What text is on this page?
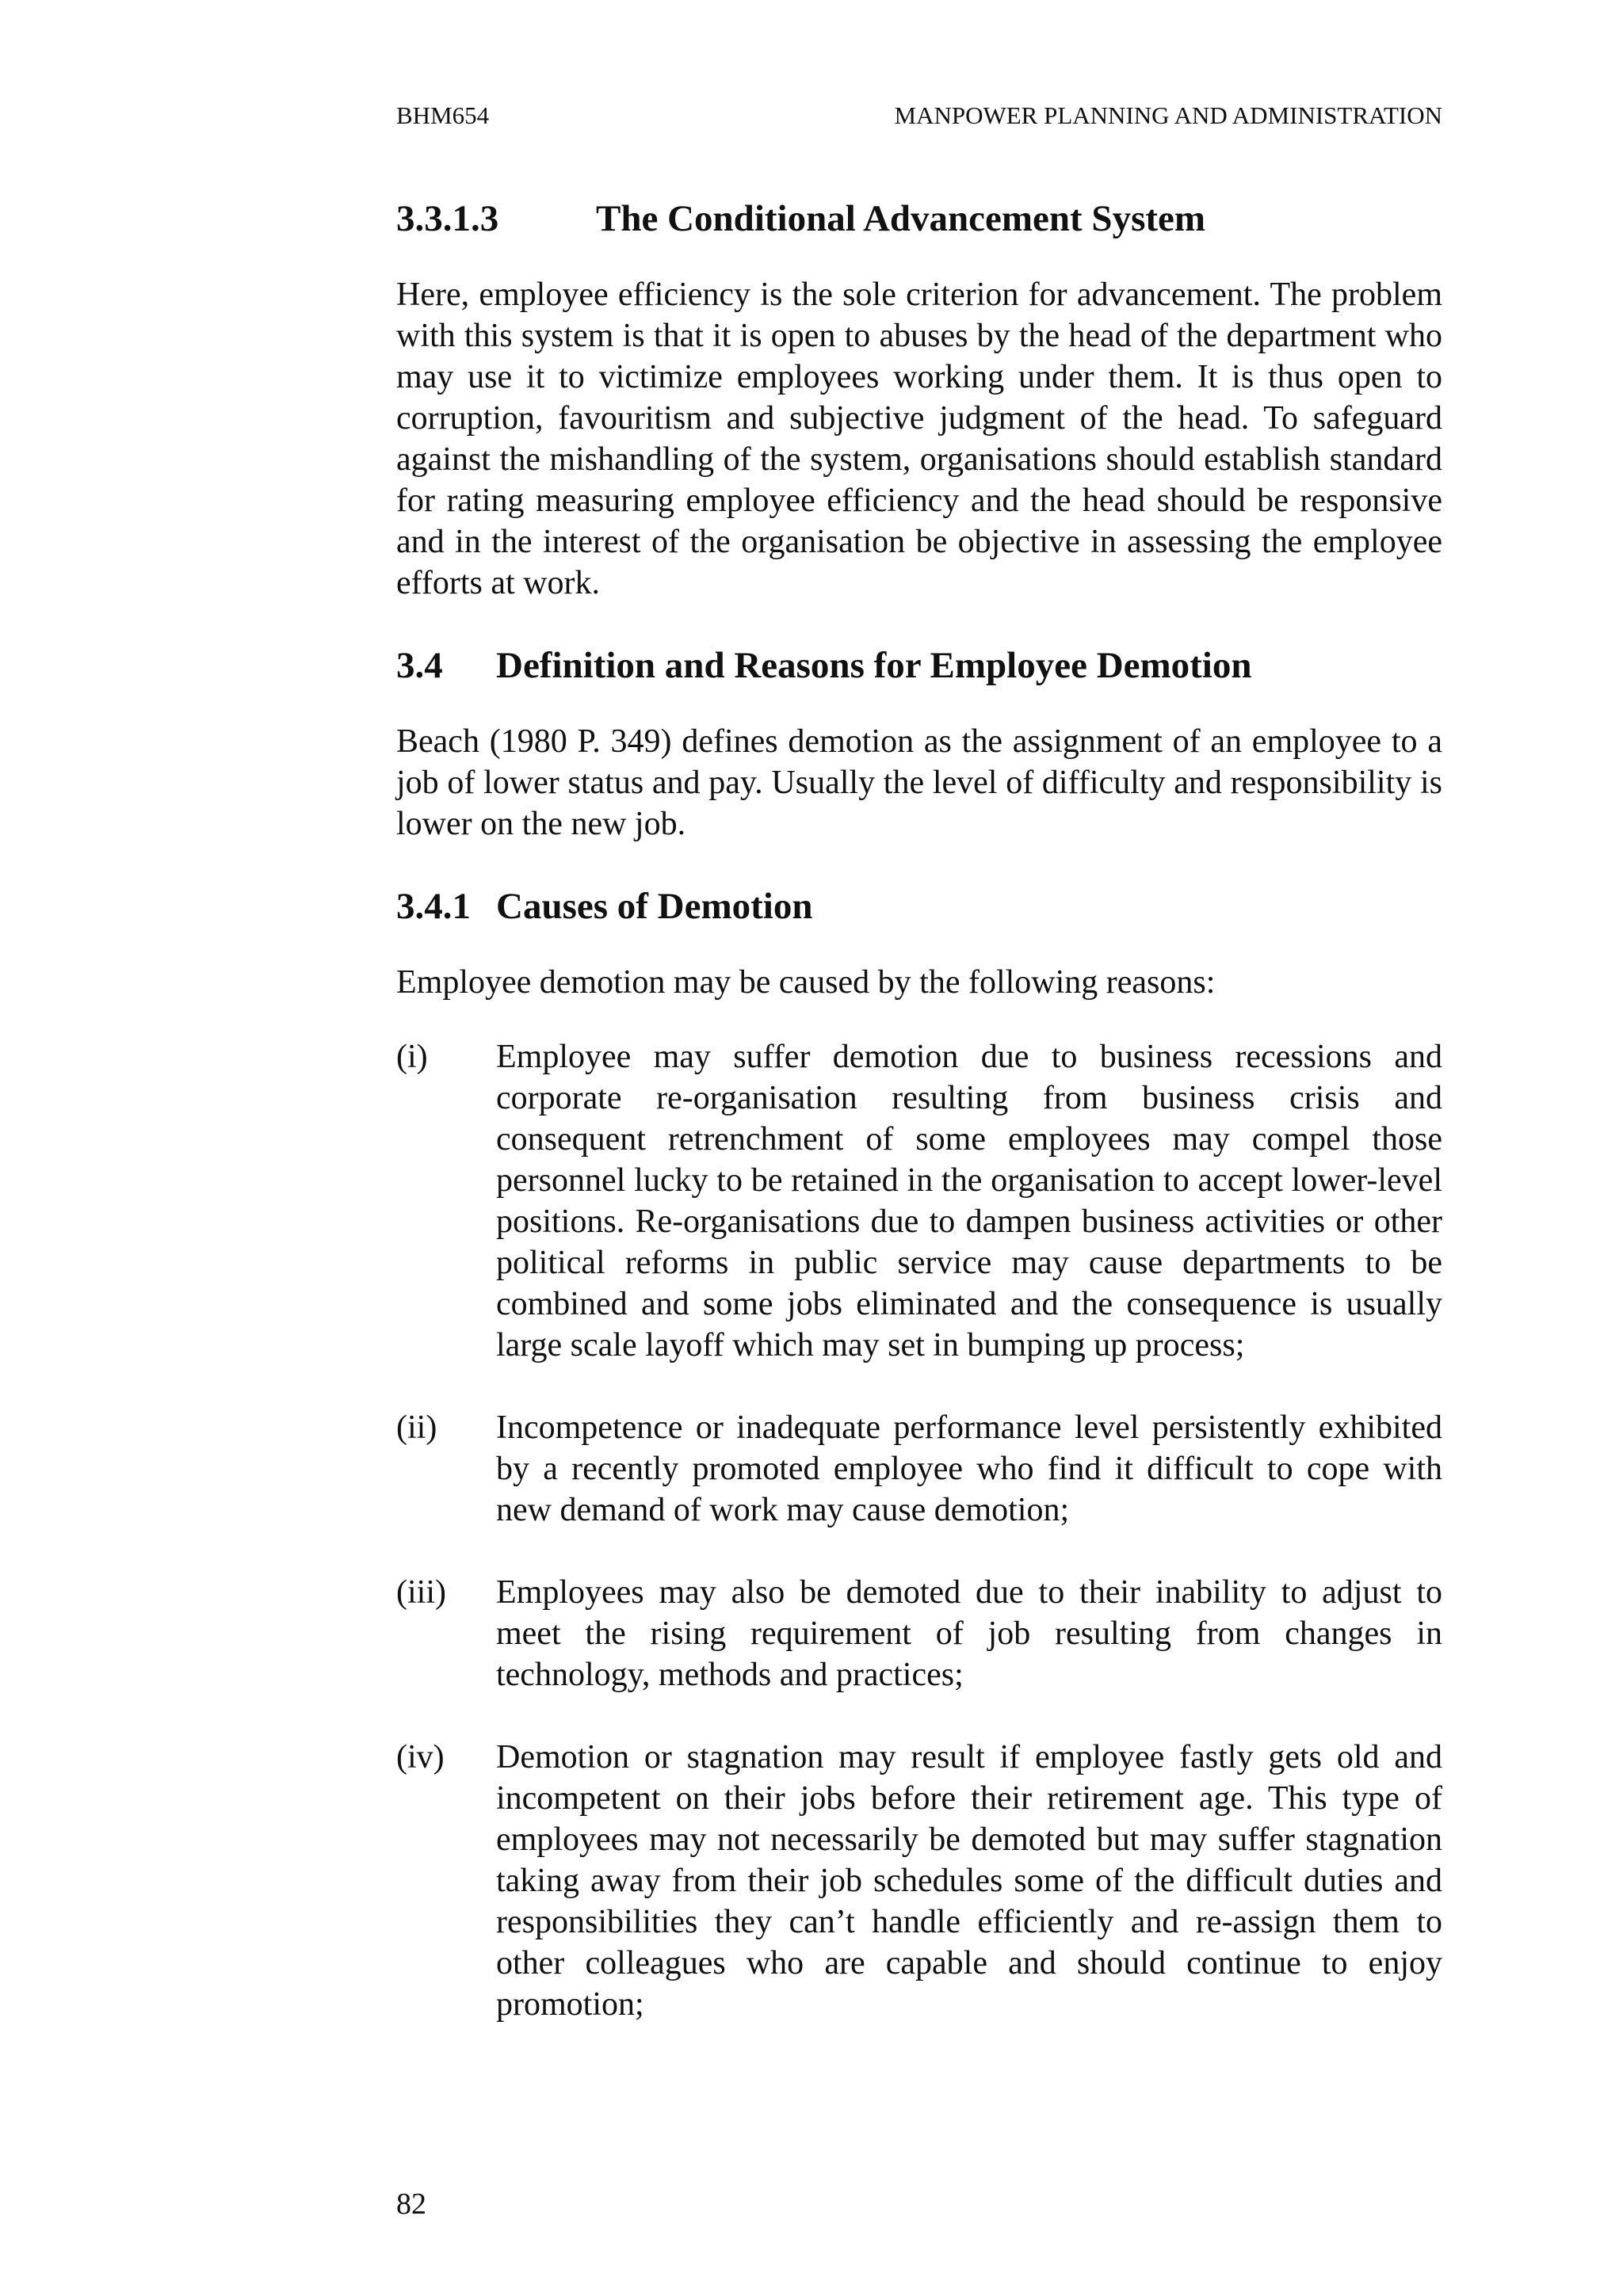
BHM654	MANPOWER PLANNING AND ADMINISTRATION
3.3.1.3	The Conditional Advancement System

Here, employee efficiency is the sole criterion for advancement. The problem with this system is that it is open to abuses by the head of the department who may use it to victimize employees working under them. It is thus open to corruption, favouritism and subjective judgment of the head. To safeguard against the mishandling of the system, organisations should establish standard for rating measuring employee efficiency and the head should be responsive and in the interest of the organisation be objective in assessing the employee efforts at work.

3.4	Definition and Reasons for Employee Demotion

Beach (1980 P. 349) defines demotion as the assignment of an employee to a job of lower status and pay. Usually the level of difficulty and responsibility is lower on the new job.

3.4.1 Causes of Demotion

Employee demotion may be caused by the following reasons:

(i)	Employee may suffer demotion due to business recessions and corporate re-organisation resulting from business crisis and consequent retrenchment of some employees may compel those personnel lucky to be retained in the organisation to accept lower-level positions. Re-organisations due to dampen business activities or other political reforms in public service may cause departments to be combined and some jobs eliminated and the consequence is usually large scale layoff which may set in bumping up process;
(ii)	Incompetence or inadequate performance level persistently exhibited by a recently promoted employee who find it difficult to cope with new demand of work may cause demotion;
(iii)	Employees may also be demoted due to their inability to adjust to meet the rising requirement of job resulting from changes in technology, methods and practices;
(iv)	Demotion or stagnation may result if employee fastly gets old and incompetent on their jobs before their retirement age. This type of employees may not necessarily be demoted but may suffer stagnation taking away from their job schedules some of the difficult duties and responsibilities they can’t handle efficiently and re-assign them to other colleagues who are capable and should continue to enjoy promotion;
82
